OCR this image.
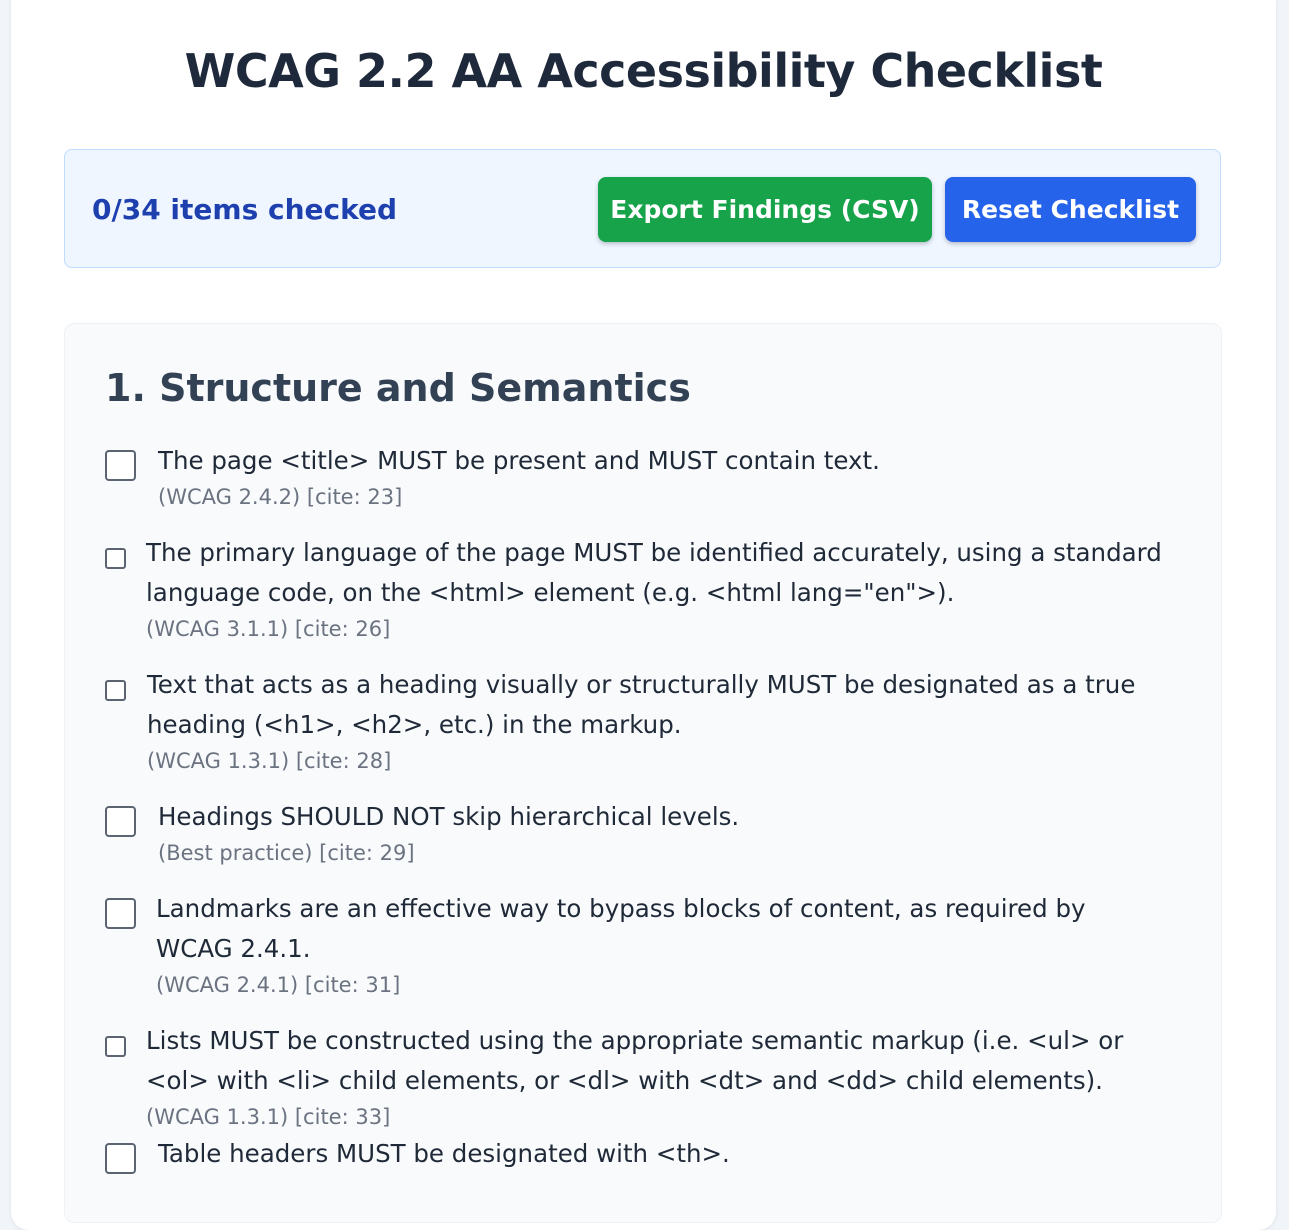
WCAG 2.2 AA Accessibility Checklist
0/34 items checked	Export Findings (CSV)	Reset Checklist
1. Structure and Semantics
The page <title> MUST be present and MUST contain text.
(WCAG 2.4.2) [cite: 23]
The primary language of the page MUST be identified accurately, using a standard
language code, on the <html> element (e.g. <html lang="en">).
(WCAG 3.1.1) [cite: 26]
Text that acts as a heading visually or structurally MUST be designated as a true
heading (<h1>, <h2>, etc.) in the markup.
(WCAG 1.3.1) [cite: 28]
Headings SHOULD NOT skip hierarchical levels.
(Best practice) [cite: 29]
Landmarks are an effective way to bypass blocks of content, as required by
WCAG 2.4.1.
(WCAG 2.4.1) [cite: 31]
Lists MUST be constructed using the appropriate semantic markup (i.e. <ul> or
<ol> with <li> child elements, or <dl> with <dt> and <dd> child elements).
(WCAG 1.3.1) [cite: 33]
Table headers MUST be designated with <th>.
